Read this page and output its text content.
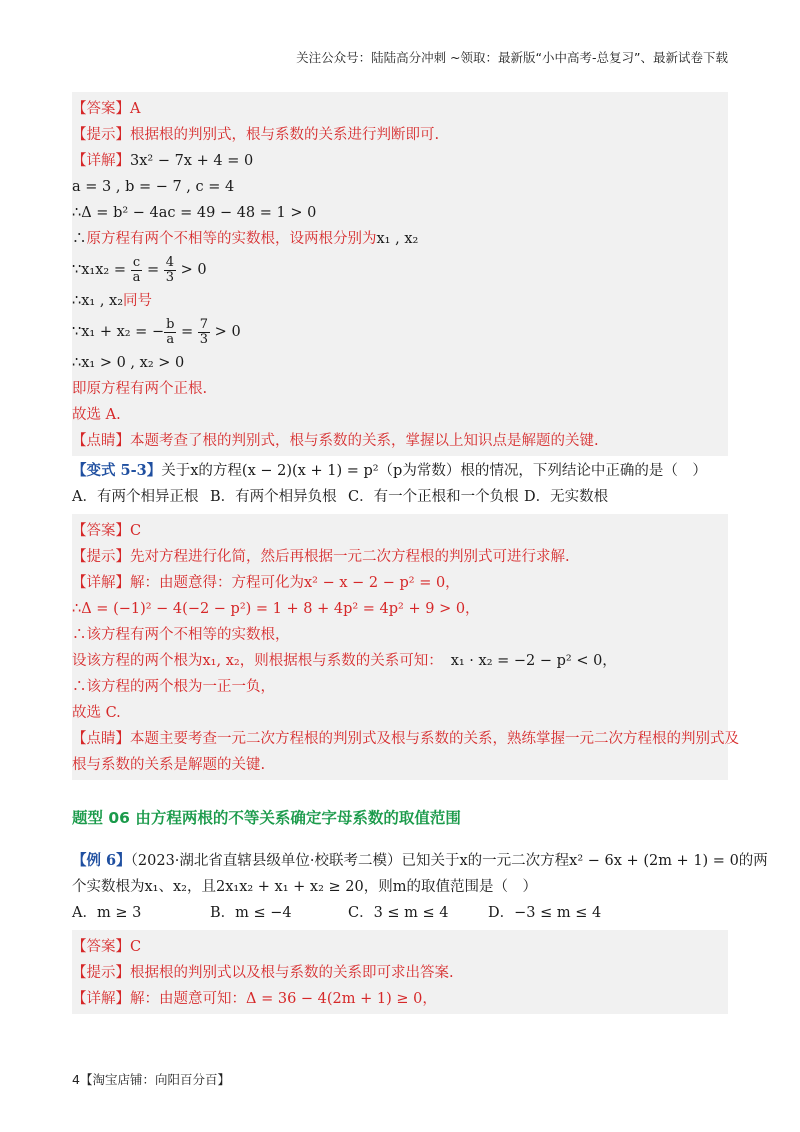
关注公众号：陆陆高分冲刺 ~领取：最新版“小中高考-总复习”、最新试卷下载
【答案】A
【提示】根据根的判别式，根与系数的关系进行判断即可.
【详解】3x² − 7x + 4 = 0
a = 3 , b = − 7 , c = 4
∴Δ = b² − 4ac = 49 − 48 = 1 > 0
∴原方程有两个不相等的实数根，设两根分别为x₁ , x₂
∵x₁x₂ = $\frac{c}{a} = \frac{4}{3} > 0$
∴x₁ , x₂同号
∵x₁ + x₂ = − $\frac{b}{a} = \frac{7}{3} > 0$
∴x₁ > 0 , x₂ > 0
即原方程有两个正根.
故选 A.
【点睛】本题考查了根的判别式，根与系数的关系，掌握以上知识点是解题的关键.
【变式 5-3】关于x的方程(x − 2)(x + 1) = p²（p为常数）根的情况，下列结论中正确的是（　）
A．有两个相异正根 B．有两个相异负根 C．有一个正根和一个负根 D．无实数根
【答案】C
【提示】先对方程进行化简，然后再根据一元二次方程根的判别式可进行求解.
【详解】解：由题意得：方程可化为x² − x − 2 − p² = 0，
∴Δ = (−1)² − 4(−2 − p²) = 1 + 8 + 4p² = 4p² + 9 > 0，
∴该方程有两个不相等的实数根，
设该方程的两个根为x₁, x₂，则根据根与系数的关系可知： x₁ · x₂ = −2 − p² < 0，
∴该方程的两个根为一正一负，
故选 C.
【点睛】本题主要考查一元二次方程根的判别式及根与系数的关系，熟练掌握一元二次方程根的判别式及
根与系数的关系是解题的关键.
题型 06 由方程两根的不等关系确定字母系数的取值范围
【例 6】（2023·湖北省直辖县级单位·校联考二模）已知关于x的一元二次方程x² − 6x + (2m + 1) = 0的两
个实数根为x₁、x₂，且2x₁x₂ + x₁ + x₂ ≥ 20，则m的取值范围是（　）
A．m ≥ 3	B．m ≤ −4	C．3 ≤ m ≤ 4	D．−3 ≤ m ≤ 4
【答案】C
【提示】根据根的判别式以及根与系数的关系即可求出答案.
【详解】解：由题意可知：Δ = 36 − 4(2m + 1) ≥ 0，
4【淘宝店铺：向阳百分百】
